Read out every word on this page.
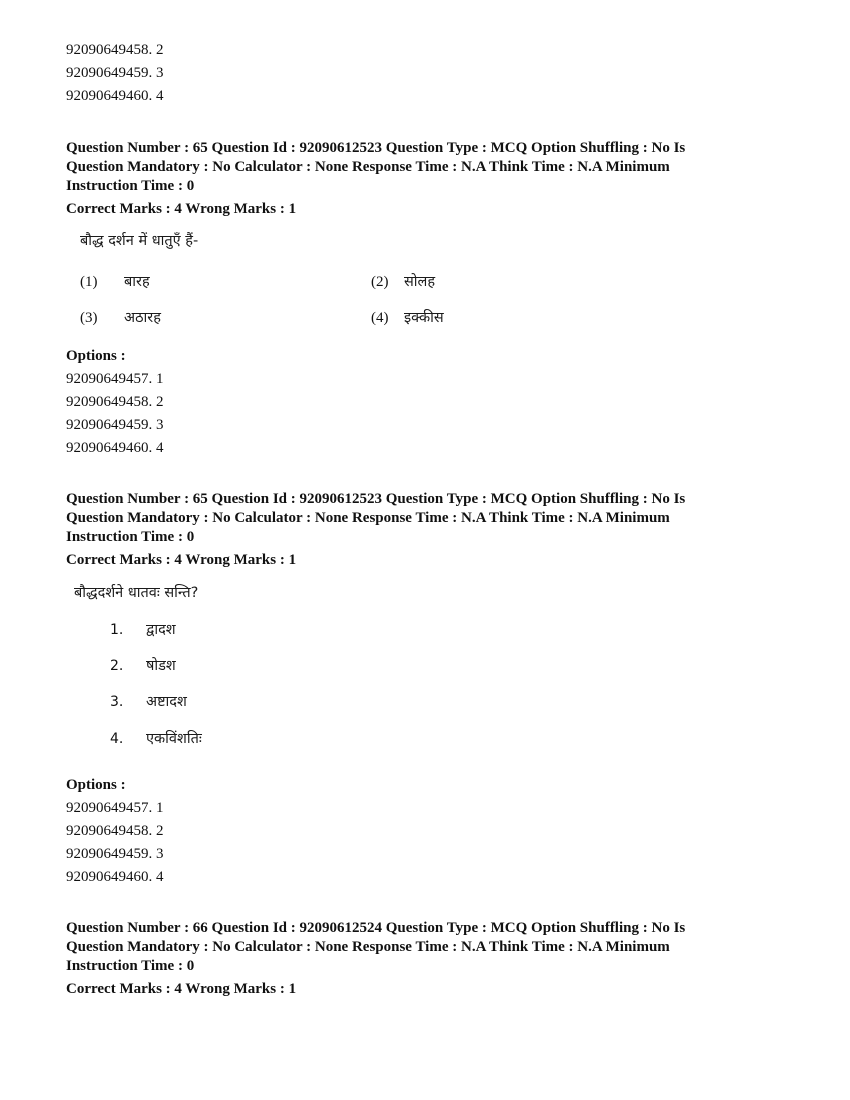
92090649458. 2
92090649459. 3
92090649460. 4
Question Number : 65 Question Id : 92090612523 Question Type : MCQ Option Shuffling : No Is
Question Mandatory : No Calculator : None Response Time : N.A Think Time : N.A Minimum
Instruction Time : 0
Correct Marks : 4 Wrong Marks : 1
बौद्ध दर्शन में धातुएँ हैं-
(1) बारह	(2) सोलह
(3) अठारह	(4) इक्कीस
Options :
92090649457. 1
92090649458. 2
92090649459. 3
92090649460. 4
Question Number : 65 Question Id : 92090612523 Question Type : MCQ Option Shuffling : No Is
Question Mandatory : No Calculator : None Response Time : N.A Think Time : N.A Minimum
Instruction Time : 0
Correct Marks : 4 Wrong Marks : 1
बौद्धदर्शने धातवः सन्ति?
1. द्वादश
2. षोडश
3. अष्टादश
4. एकविंशतिः
Options :
92090649457. 1
92090649458. 2
92090649459. 3
92090649460. 4
Question Number : 66 Question Id : 92090612524 Question Type : MCQ Option Shuffling : No Is
Question Mandatory : No Calculator : None Response Time : N.A Think Time : N.A Minimum
Instruction Time : 0
Correct Marks : 4 Wrong Marks : 1
